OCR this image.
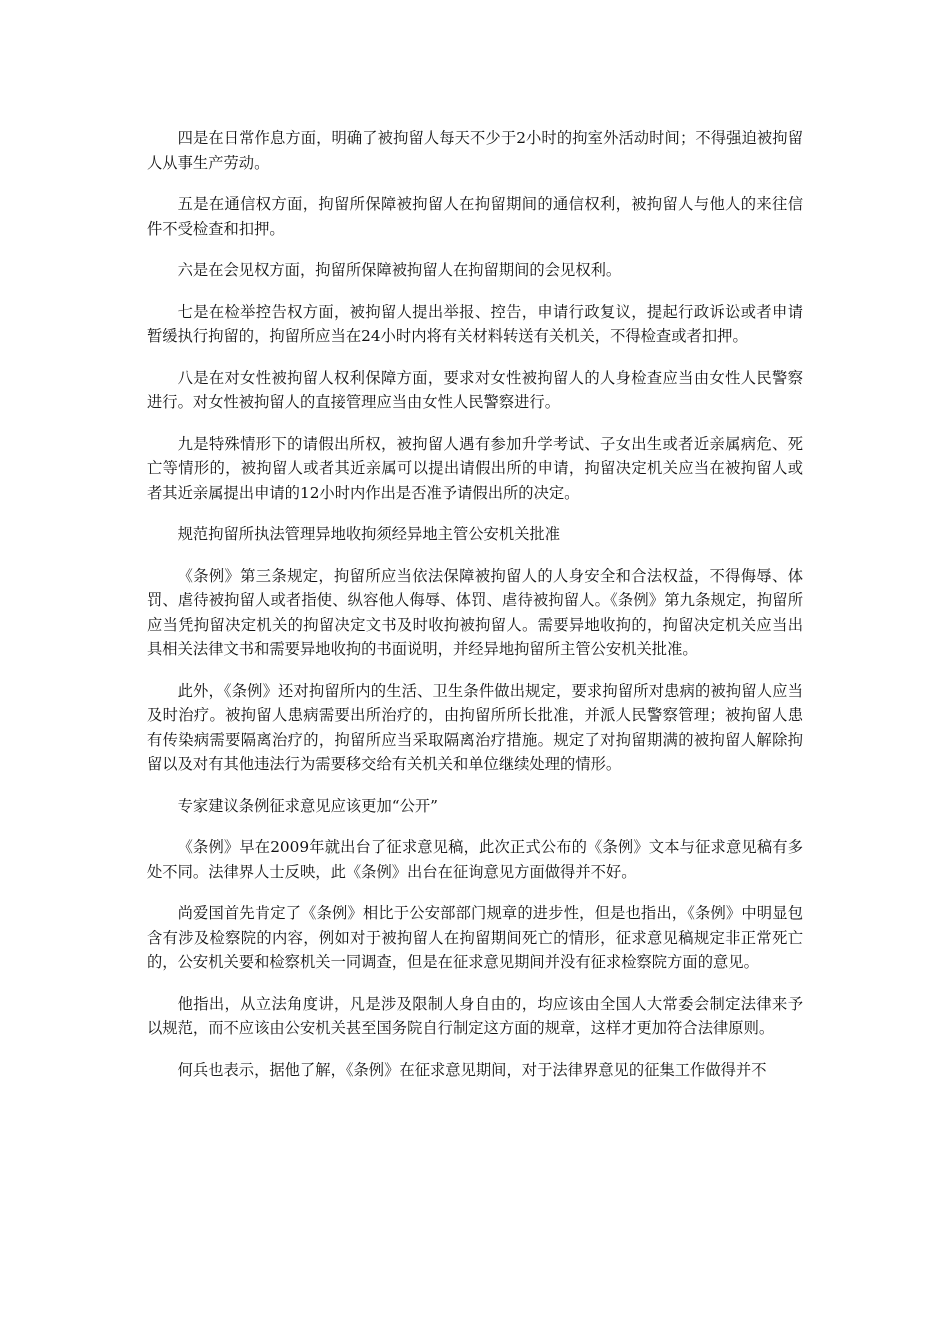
四是在日常作息方面，明确了被拘留人每天不少于2小时的拘室外活动时间；不得强迫被拘留人从事生产劳动。

五是在通信权方面，拘留所保障被拘留人在拘留期间的通信权利，被拘留人与他人的来往信件不受检查和扣押。

六是在会见权方面，拘留所保障被拘留人在拘留期间的会见权利。

七是在检举控告权方面，被拘留人提出举报、控告，申请行政复议，提起行政诉讼或者申请暂缓执行拘留的，拘留所应当在24小时内将有关材料转送有关机关，不得检查或者扣押。

八是在对女性被拘留人权利保障方面，要求对女性被拘留人的人身检查应当由女性人民警察进行。对女性被拘留人的直接管理应当由女性人民警察进行。

九是特殊情形下的请假出所权，被拘留人遇有参加升学考试、子女出生或者近亲属病危、死亡等情形的，被拘留人或者其近亲属可以提出请假出所的申请，拘留决定机关应当在被拘留人或者其近亲属提出申请的12小时内作出是否准予请假出所的决定。

规范拘留所执法管理异地收拘须经异地主管公安机关批准

《条例》第三条规定，拘留所应当依法保障被拘留人的人身安全和合法权益，不得侮辱、体罚、虐待被拘留人或者指使、纵容他人侮辱、体罚、虐待被拘留人。《条例》第九条规定，拘留所应当凭拘留决定机关的拘留决定文书及时收拘被拘留人。需要异地收拘的，拘留决定机关应当出具相关法律文书和需要异地收拘的书面说明，并经异地拘留所主管公安机关批准。

此外，《条例》还对拘留所内的生活、卫生条件做出规定，要求拘留所对患病的被拘留人应当及时治疗。被拘留人患病需要出所治疗的，由拘留所所长批准，并派人民警察管理；被拘留人患有传染病需要隔离治疗的，拘留所应当采取隔离治疗措施。规定了对拘留期满的被拘留人解除拘留以及对有其他违法行为需要移交给有关机关和单位继续处理的情形。

专家建议条例征求意见应该更加“公开”

《条例》早在2009年就出台了征求意见稿，此次正式公布的《条例》文本与征求意见稿有多处不同。法律界人士反映，此《条例》出台在征询意见方面做得并不好。

尚爱国首先肯定了《条例》相比于公安部部门规章的进步性，但是也指出，《条例》中明显包含有涉及检察院的内容，例如对于被拘留人在拘留期间死亡的情形，征求意见稿规定非正常死亡的，公安机关要和检察机关一同调查，但是在征求意见期间并没有征求检察院方面的意见。

他指出，从立法角度讲，凡是涉及限制人身自由的，均应该由全国人大常委会制定法律来予以规范，而不应该由公安机关甚至国务院自行制定这方面的规章，这样才更加符合法律原则。

何兵也表示，据他了解，《条例》在征求意见期间，对于法律界意见的征集工作做得并不
